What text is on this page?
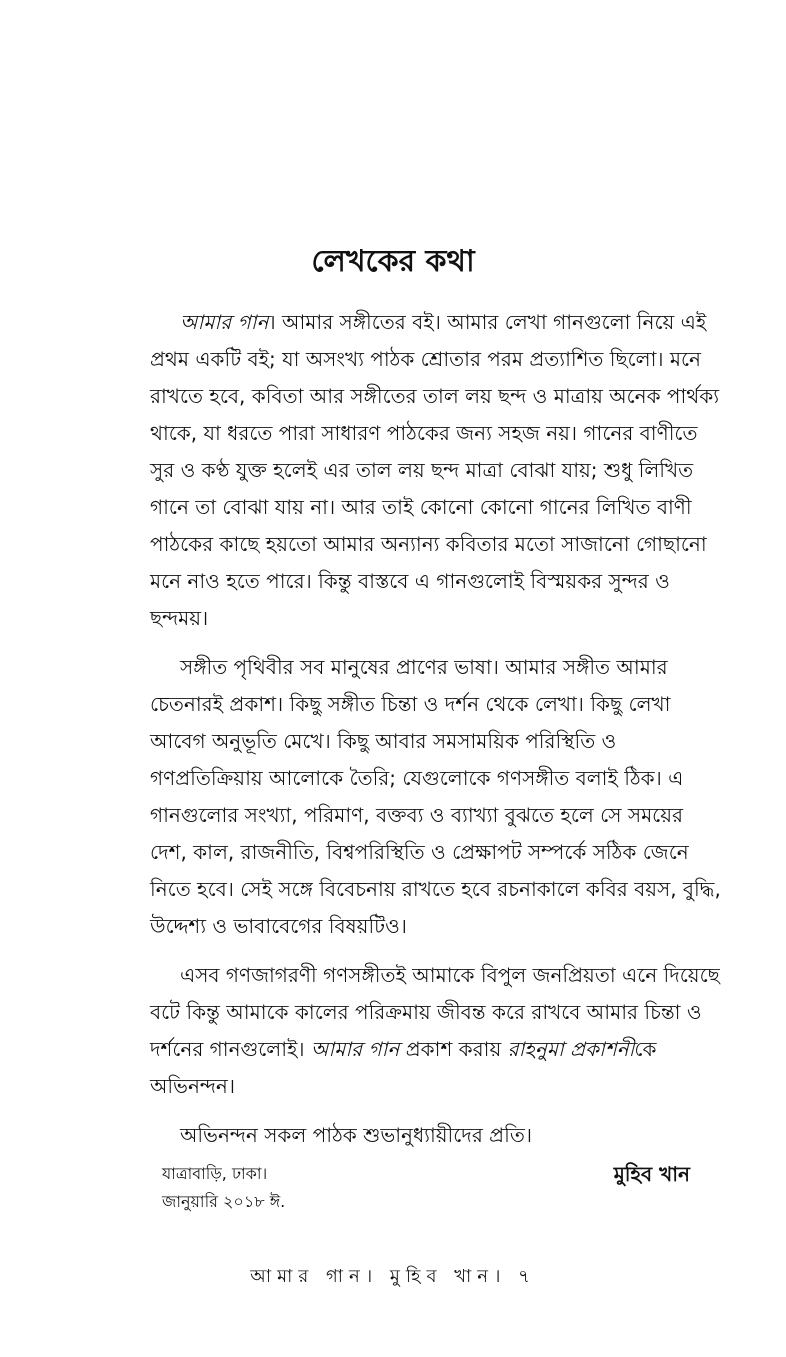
লেখকের কথা

আমার গান। আমার সঙ্গীতের বই। আমার লেখা গানগুলো নিয়ে এই প্রথম একটি বই; যা অসংখ্য পাঠক শ্রোতার পরম প্রত্যাশিত ছিলো। মনে রাখতে হবে, কবিতা আর সঙ্গীতের তাল লয় ছন্দ ও মাত্রায় অনেক পার্থক্য থাকে, যা ধরতে পারা সাধারণ পাঠকের জন্য সহজ নয়। গানের বাণীতে সুর ও কণ্ঠ যুক্ত হলেই এর তাল লয় ছন্দ মাত্রা বোঝা যায়; শুধু লিখিত গানে তা বোঝা যায় না। আর তাই কোনো কোনো গানের লিখিত বাণী পাঠকের কাছে হয়তো আমার অন্যান্য কবিতার মতো সাজানো গোছানো মনে নাও হতে পারে। কিন্তু বাস্তবে এ গানগুলোই বিস্ময়কর সুন্দর ও ছন্দময়।

সঙ্গীত পৃথিবীর সব মানুষের প্রাণের ভাষা। আমার সঙ্গীত আমার চেতনারই প্রকাশ। কিছু সঙ্গীত চিন্তা ও দর্শন থেকে লেখা। কিছু লেখা আবেগ অনুভূতি মেখে। কিছু আবার সমসাময়িক পরিস্থিতি ও গণপ্রতিক্রিয়ায় আলোকে তৈরি; যেগুলোকে গণসঙ্গীত বলাই ঠিক। এ গানগুলোর সংখ্যা, পরিমাণ, বক্তব্য ও ব্যাখ্যা বুঝতে হলে সে সময়ের দেশ, কাল, রাজনীতি, বিশ্বপরিস্থিতি ও প্রেক্ষাপট সম্পর্কে সঠিক জেনে নিতে হবে। সেই সঙ্গে বিবেচনায় রাখতে হবে রচনাকালে কবির বয়স, বুদ্ধি, উদ্দেশ্য ও ভাবাবেগের বিষয়টিও।

এসব গণজাগরণী গণসঙ্গীতই আমাকে বিপুল জনপ্রিয়তা এনে দিয়েছে বটে কিন্তু আমাকে কালের পরিক্রমায় জীবন্ত করে রাখবে আমার চিন্তা ও দর্শনের গানগুলোই। আমার গান প্রকাশ করায় রাহনুমা প্রকাশনীকে অভিনন্দন।

অভিনন্দন সকল পাঠক শুভানুধ্যায়ীদের প্রতি।

যাত্রাবাড়ি, ঢাকা।
জানুয়ারি ২০১৮ ঈ.
মুহিব খান
আমার গান। মুহিব খান। ৭
